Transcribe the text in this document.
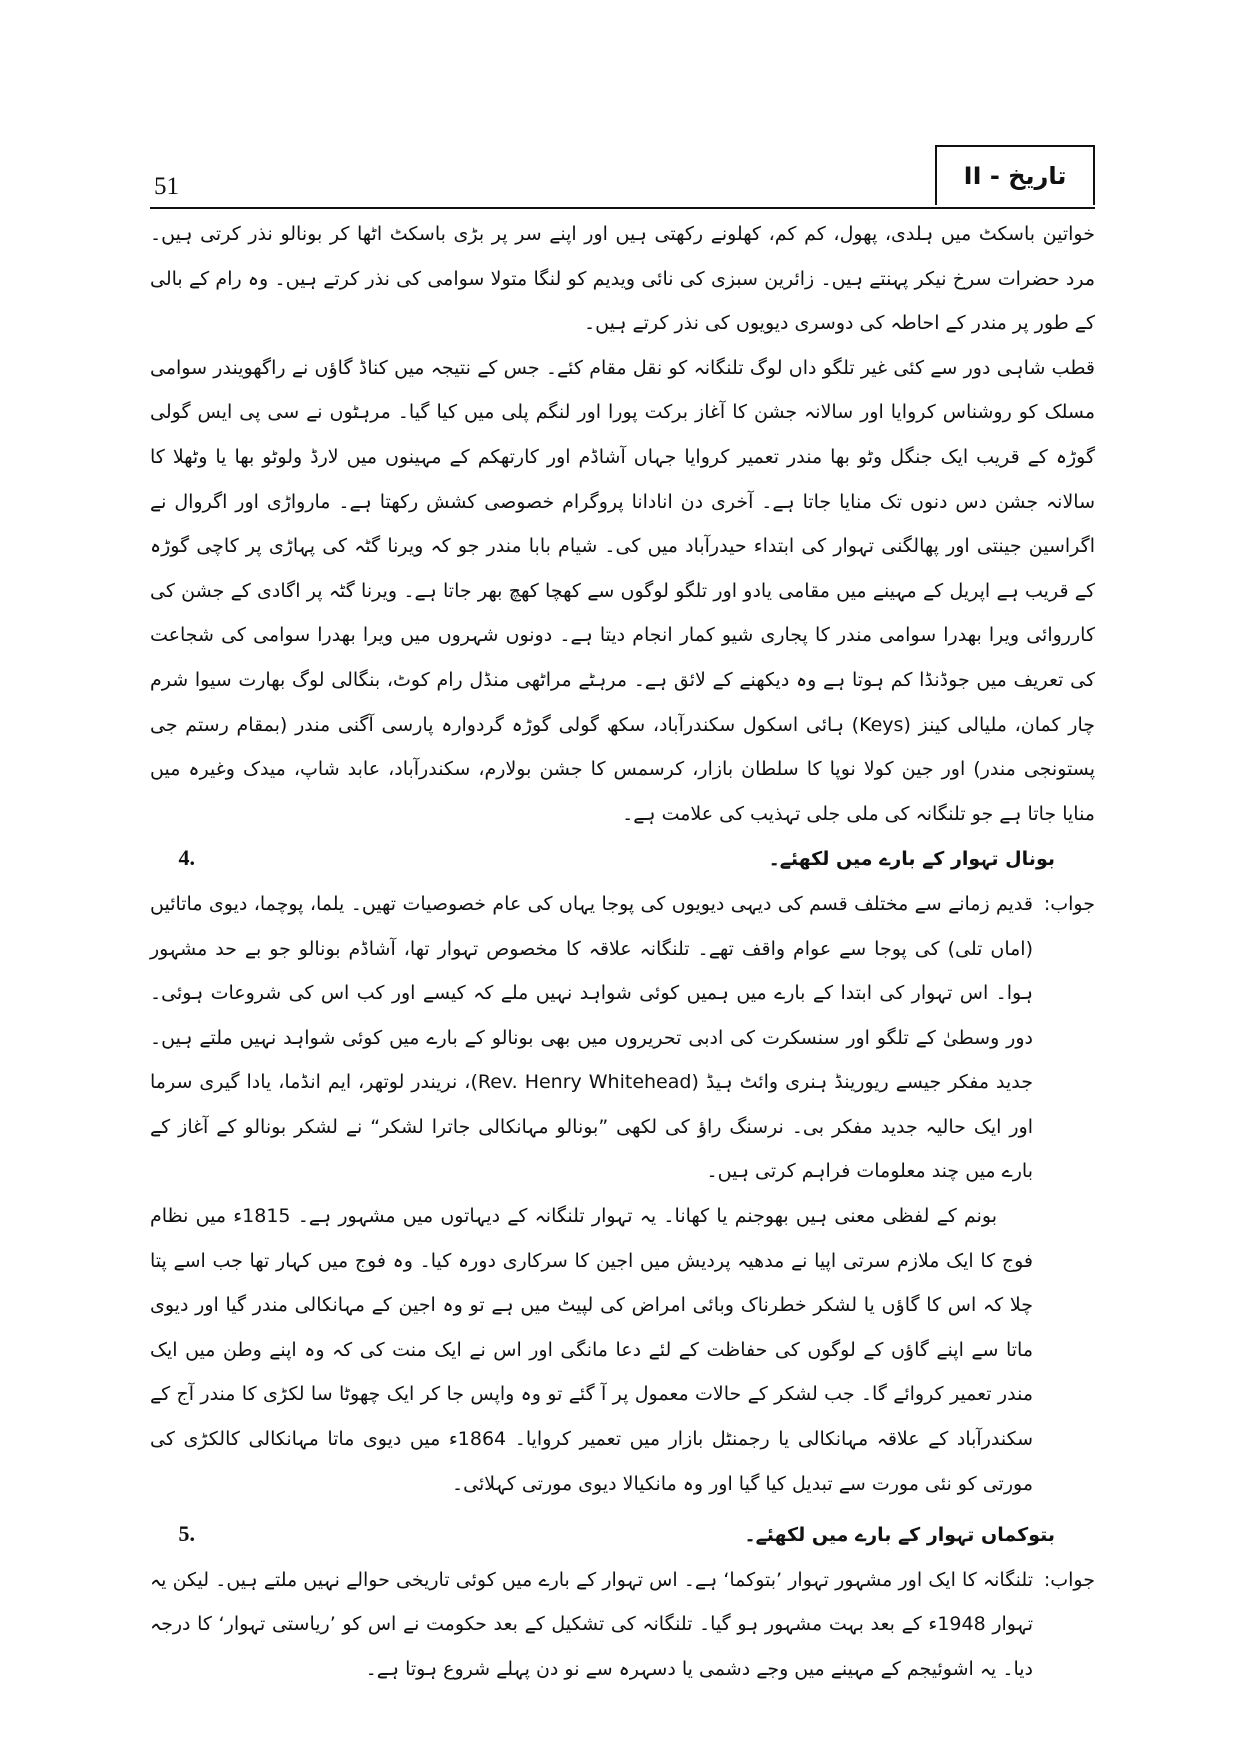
51	تاریخ - II

خواتین باسکٹ میں ہلدی، پھول، کم کم، کھلونے رکھتی ہیں اور اپنے سر پر بڑی باسکٹ اٹھا کر بونالو نذر کرتی ہیں۔ مرد حضرات سرخ نیکر پہنتے ہیں۔ زائرین سبزی کی نائی ویدیم کو لنگا متولا سوامی کی نذر کرتے ہیں۔ وہ رام کے بالی کے طور پر مندر کے احاطہ کی دوسری دیویوں کی نذر کرتے ہیں۔

قطب شاہی دور سے کئی غیر تلگو داں لوگ تلنگانہ کو نقل مقام کئے۔ جس کے نتیجہ میں کناڈ گاؤں نے راگھویندر سوامی مسلک کو روشناس کروایا اور سالانہ جشن کا آغاز برکت پورا اور لنگم پلی میں کیا گیا۔ مرہٹوں نے سی پی ایس گولی گوڑہ کے قریب ایک جنگل وٹو بھا مندر تعمیر کروایا جہاں آشاڈم اور کارتھکم کے مہینوں میں لارڈ ولوٹو بھا یا وٹھلا کا سالانہ جشن دس دنوں تک منایا جاتا ہے۔ آخری دن انادانا پروگرام خصوصی کشش رکھتا ہے۔ مارواڑی اور اگروال نے اگراسین جینتی اور پھالگنی تہوار کی ابتداء حیدرآباد میں کی۔ شیام بابا مندر جو کہ ویرنا گٹہ کی پہاڑی پر کاچی گوڑہ کے قریب ہے اپریل کے مہینے میں مقامی یادو اور تلگو لوگوں سے کھچا کھچ بھر جاتا ہے۔ ویرنا گٹہ پر اگادی کے جشن کی کارروائی ویرا بھدرا سوامی مندر کا پجاری شیو کمار انجام دیتا ہے۔ دونوں شہروں میں ویرا بھدرا سوامی کی شجاعت کی تعریف میں جوڈنڈا کم ہوتا ہے وہ دیکھنے کے لائق ہے۔ مرہٹے مراٹھی منڈل رام کوٹ، بنگالی لوگ بھارت سیوا شرم چار کمان، ملیالی کینز (Keys) ہائی اسکول سکندرآباد، سکھ گولی گوڑہ گردوارہ پارسی آگنی مندر (بمقام رستم جی پستونجی مندر) اور جین کولا نوپا کا سلطان بازار، کرسمس کا جشن بولارم، سکندرآباد، عابد شاپ، میدک وغیرہ میں منایا جاتا ہے جو تلنگانہ کی ملی جلی تہذیب کی علامت ہے۔

بونال تہوار کے بارے میں لکھئے۔
4.
جواب:

قدیم زمانے سے مختلف قسم کی دیہی دیویوں کی پوجا یہاں کی عام خصوصیات تھیں۔ یلما، پوچما، دیوی ماتائیں (اماں تلی) کی پوجا سے عوام واقف تھے۔ تلنگانہ علاقہ کا مخصوص تہوار تھا، آشاڈم بونالو جو بے حد مشہور ہوا۔ اس تہوار کی ابتدا کے بارے میں ہمیں کوئی شواہد نہیں ملے کہ کیسے اور کب اس کی شروعات ہوئی۔ دور وسطیٰ کے تلگو اور سنسکرت کی ادبی تحریروں میں بھی بونالو کے بارے میں کوئی شواہد نہیں ملتے ہیں۔ جدید مفکر جیسے ریورینڈ ہنری وائٹ ہیڈ (Rev. Henry Whitehead)، نریندر لوتھر، ایم انڈما، یادا گیری سرما اور ایک حالیہ جدید مفکر بی۔ نرسنگ راؤ کی لکھی ”بونالو مہانکالی جاترا لشکر“ نے لشکر بونالو کے آغاز کے بارے میں چند معلومات فراہم کرتی ہیں۔

بونم کے لفظی معنی ہیں بھوجنم یا کھانا۔ یہ تہوار تلنگانہ کے دیہاتوں میں مشہور ہے۔ 1815ء میں نظام فوج کا ایک ملازم سرتی اپیا نے مدھیہ پردیش میں اجین کا سرکاری دورہ کیا۔ وہ فوج میں کہار تھا جب اسے پتا چلا کہ اس کا گاؤں یا لشکر خطرناک وبائی امراض کی لپیٹ میں ہے تو وہ اجین کے مہانکالی مندر گیا اور دیوی ماتا سے اپنے گاؤں کے لوگوں کی حفاظت کے لئے دعا مانگی اور اس نے ایک منت کی کہ وہ اپنے وطن میں ایک مندر تعمیر کروائے گا۔ جب لشکر کے حالات معمول پر آ گئے تو وہ واپس جا کر ایک چھوٹا سا لکڑی کا مندر آج کے سکندرآباد کے علاقہ مہانکالی یا رجمنٹل بازار میں تعمیر کروایا۔ 1864ء میں دیوی ماتا مہانکالی کالکڑی کی مورتی کو نئی مورت سے تبدیل کیا گیا اور وہ مانکیالا دیوی مورتی کہلائی۔

بتوکماں تہوار کے بارے میں لکھئے۔
5.
جواب:

تلنگانہ کا ایک اور مشہور تہوار ’بتوکما‘ ہے۔ اس تہوار کے بارے میں کوئی تاریخی حوالے نہیں ملتے ہیں۔ لیکن یہ تہوار 1948ء کے بعد بہت مشہور ہو گیا۔ تلنگانہ کی تشکیل کے بعد حکومت نے اس کو ’ریاستی تہوار‘ کا درجہ دیا۔ یہ اشوئیجم کے مہینے میں وجے دشمی یا دسہرہ سے نو دن پہلے شروع ہوتا ہے۔
